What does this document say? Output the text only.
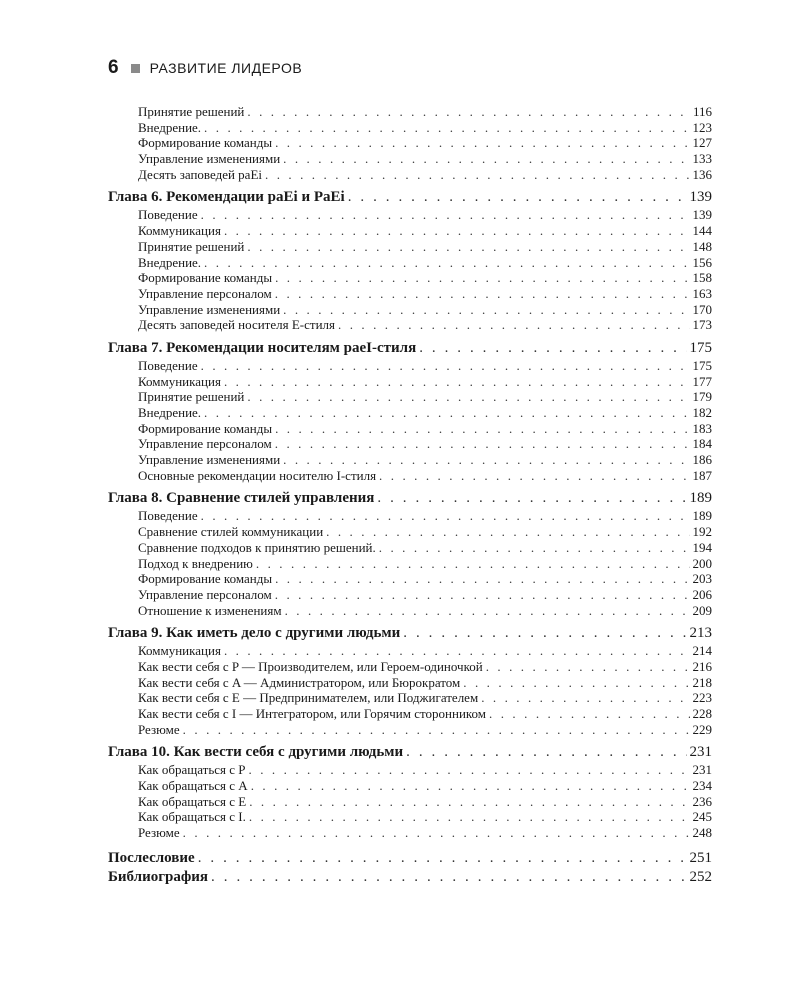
6 РАЗВИТИЕ ЛИДЕРОВ
Принятие решений . . .	116
Внедрение. . . .	123
Формирование команды . . .	127
Управление изменениями . . .	133
Десять заповедей paEi . . .	136
Глава 6. Рекомендации paEi и PaEi . . .	139
Поведение . . .	139
Коммуникация . . .	144
Принятие решений . . .	148
Внедрение. . . .	156
Формирование команды . . .	158
Управление персоналом . . .	163
Управление изменениями . . .	170
Десять заповедей носителя E-стиля . . .	173
Глава 7. Рекомендации носителям paeI-стиля . . .	175
Поведение . . .	175
Коммуникация . . .	177
Принятие решений . . .	179
Внедрение. . . .	182
Формирование команды . . .	183
Управление персоналом . . .	184
Управление изменениями . . .	186
Основные рекомендации носителю I-стиля . . .	187
Глава 8. Сравнение стилей управления . . .	189
Поведение . . .	189
Сравнение стилей коммуникации . . .	192
Сравнение подходов к принятию решений. . . .	194
Подход к внедрению . . .	200
Формирование команды . . .	203
Управление персоналом . . .	206
Отношение к изменениям . . .	209
Глава 9. Как иметь дело с другими людьми . . .	213
Коммуникация . . .	214
Как вести себя с P — Производителем, или Героем-одиночкой . . .	216
Как вести себя с A — Администратором, или Бюрократом . . .	218
Как вести себя с E — Предпринимателем, или Поджигателем . . .	223
Как вести себя с I — Интегратором, или Горячим сторонником . . .	228
Резюме . . .	229
Глава 10. Как вести себя с другими людьми . . .	231
Как обращаться с P . . .	231
Как обращаться с A . . .	234
Как обращаться с E . . .	236
Как обращаться с I. . . .	245
Резюме . . .	248
Послесловие . . .	251
Библиография . . .	252
